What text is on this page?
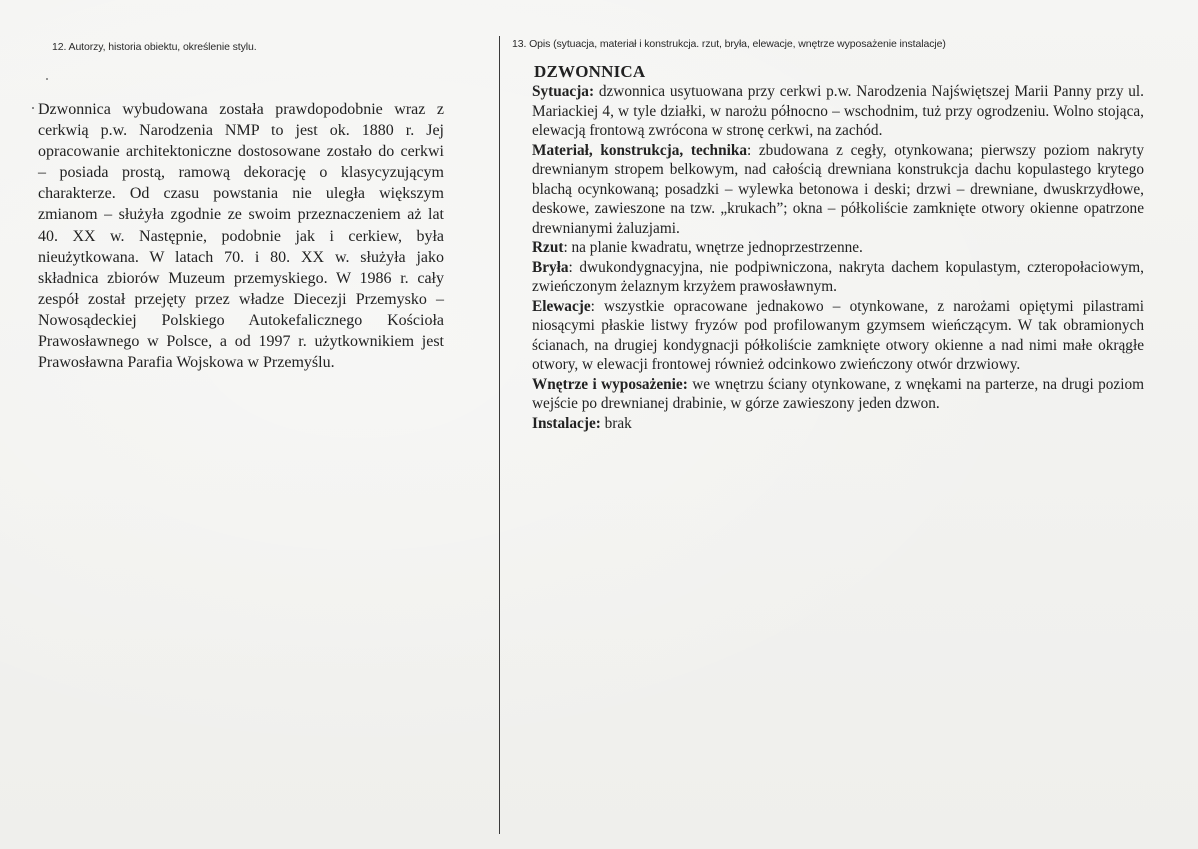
12. Autorzy, historia obiektu, określenie stylu.	13. Opis (sytuacja, materiał i konstrukcja. rzut, bryła, elewacje, wnętrze wyposażenie instalacje)

Dzwonnica wybudowana została prawdopodobnie wraz z cerkwią p.w. Narodzenia NMP to jest ok. 1880 r. Jej opracowanie architektoniczne dostosowane zostało do cerkwi – posiada prostą, ramową dekorację o klasycyzującym charakterze. Od czasu powstania nie uległa większym zmianom – służyła zgodnie ze swoim przeznaczeniem aż lat 40. XX w. Następnie, podobnie jak i cerkiew, była nieużytkowana. W latach 70. i 80. XX w. służyła jako składnica zbiorów Muzeum przemyskiego. W 1986 r. cały zespół został przejęty przez władze Diecezji Przemysko – Nowosądeckiej Polskiego Autokefalicznego Kościoła Prawosławnego w Polsce, a od 1997 r. użytkownikiem jest Prawosławna Parafia Wojskowa w Przemyślu.

DZWONNICA

Sytuacja: dzwonnica usytuowana przy cerkwi p.w. Narodzenia Najświętszej Marii Panny przy ul. Mariackiej 4, w tyle działki, w narożu północno – wschodnim, tuż przy ogrodzeniu. Wolno stojąca, elewacją frontową zwrócona w stronę cerkwi, na zachód.

Materiał, konstrukcja, technika: zbudowana z cegły, otynkowana; pierwszy poziom nakryty drewnianym stropem belkowym, nad całością drewniana konstrukcja dachu kopulastego krytego blachą ocynkowaną; posadzki – wylewka betonowa i deski; drzwi – drewniane, dwuskrzydłowe, deskowe, zawieszone na tzw. „krukach”; okna – półkoliście zamknięte otwory okienne opatrzone drewnianymi żaluzjami.

Rzut: na planie kwadratu, wnętrze jednoprzestrzenne.

Bryła: dwukondygnacyjna, nie podpiwniczona, nakryta dachem kopulastym, czteropołaciowym, zwieńczonym żelaznym krzyżem prawosławnym.

Elewacje: wszystkie opracowane jednakowo – otynkowane, z narożami opiętymi pilastrami niosącymi płaskie listwy fryzów pod profilowanym gzymsem wieńczącym. W tak obramionych ścianach, na drugiej kondygnacji półkoliście zamknięte otwory okienne a nad nimi małe okrągłe otwory, w elewacji frontowej również odcinkowo zwieńczony otwór drzwiowy.

Wnętrze i wyposażenie: we wnętrzu ściany otynkowane, z wnękami na parterze, na drugi poziom wejście po drewnianej drabinie, w górze zawieszony jeden dzwon.

Instalacje: brak
